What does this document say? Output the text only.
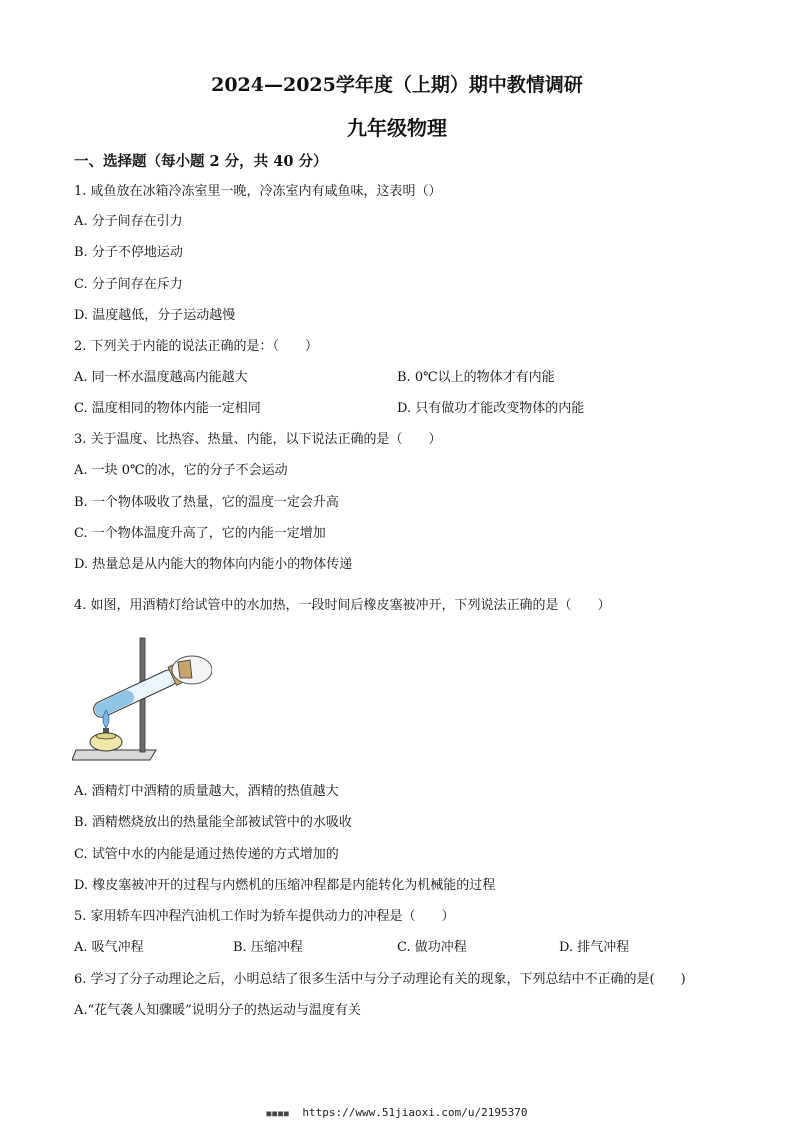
2024—2025学年度（上期）期中教情调研
九年级物理
一、选择题（每小题 2 分，共 40 分）
1. 咸鱼放在冰箱冷冻室里一晚，冷冻室内有咸鱼味，这表明（）
A. 分子间存在引力
B. 分子不停地运动
C. 分子间存在斥力
D. 温度越低，分子运动越慢
2. 下列关于内能的说法正确的是：（　　）
A. 同一杯水温度越高内能越大	B. 0℃以上的物体才有内能
C. 温度相同的物体内能一定相同	D. 只有做功才能改变物体的内能
3. 关于温度、比热容、热量、内能，以下说法正确的是（　　）
A. 一块 0℃的冰，它的分子不会运动
B. 一个物体吸收了热量，它的温度一定会升高
C. 一个物体温度升高了，它的内能一定增加
D. 热量总是从内能大的物体向内能小的物体传递
4. 如图，用酒精灯给试管中的水加热，一段时间后橡皮塞被冲开，下列说法正确的是（　　）
A. 酒精灯中酒精的质量越大，酒精的热值越大
B. 酒精燃烧放出的热量能全部被试管中的水吸收
C. 试管中水的内能是通过热传递的方式增加的
D. 橡皮塞被冲开的过程与内燃机的压缩冲程都是内能转化为机械能的过程
5. 家用轿车四冲程汽油机工作时为轿车提供动力的冲程是（　　）
A. 吸气冲程	B. 压缩冲程	C. 做功冲程	D. 排气冲程
6. 学习了分子动理论之后，小明总结了很多生活中与分子动理论有关的现象，下列总结中不正确的是(　　)
A.“花气袭人知骤暖”说明分子的热运动与温度有关
■■■■ https://www.51jiaoxi.com/u/2195370
